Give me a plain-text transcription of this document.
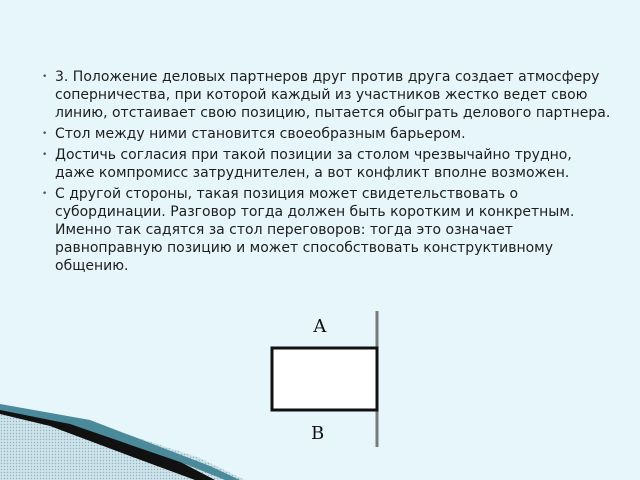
• 3. Положение деловых партнеров друг против друга создает атмосферу соперничества, при которой каждый из участников жестко ведет свою линию, отстаивает свою позицию, пытается обыграть делового партнера.
• Стол между ними становится своеобразным барьером.
• Достичь согласия при такой позиции за столом чрезвычайно трудно, даже компромисс затруднителен, а вот конфликт вполне возможен.
• С другой стороны, такая позиция может свидетельствовать о субординации. Разговор тогда должен быть коротким и конкретным. Именно так садятся за стол переговоров: тогда это означает равноправную позицию и может способствовать конструктивному общению.
А
В
